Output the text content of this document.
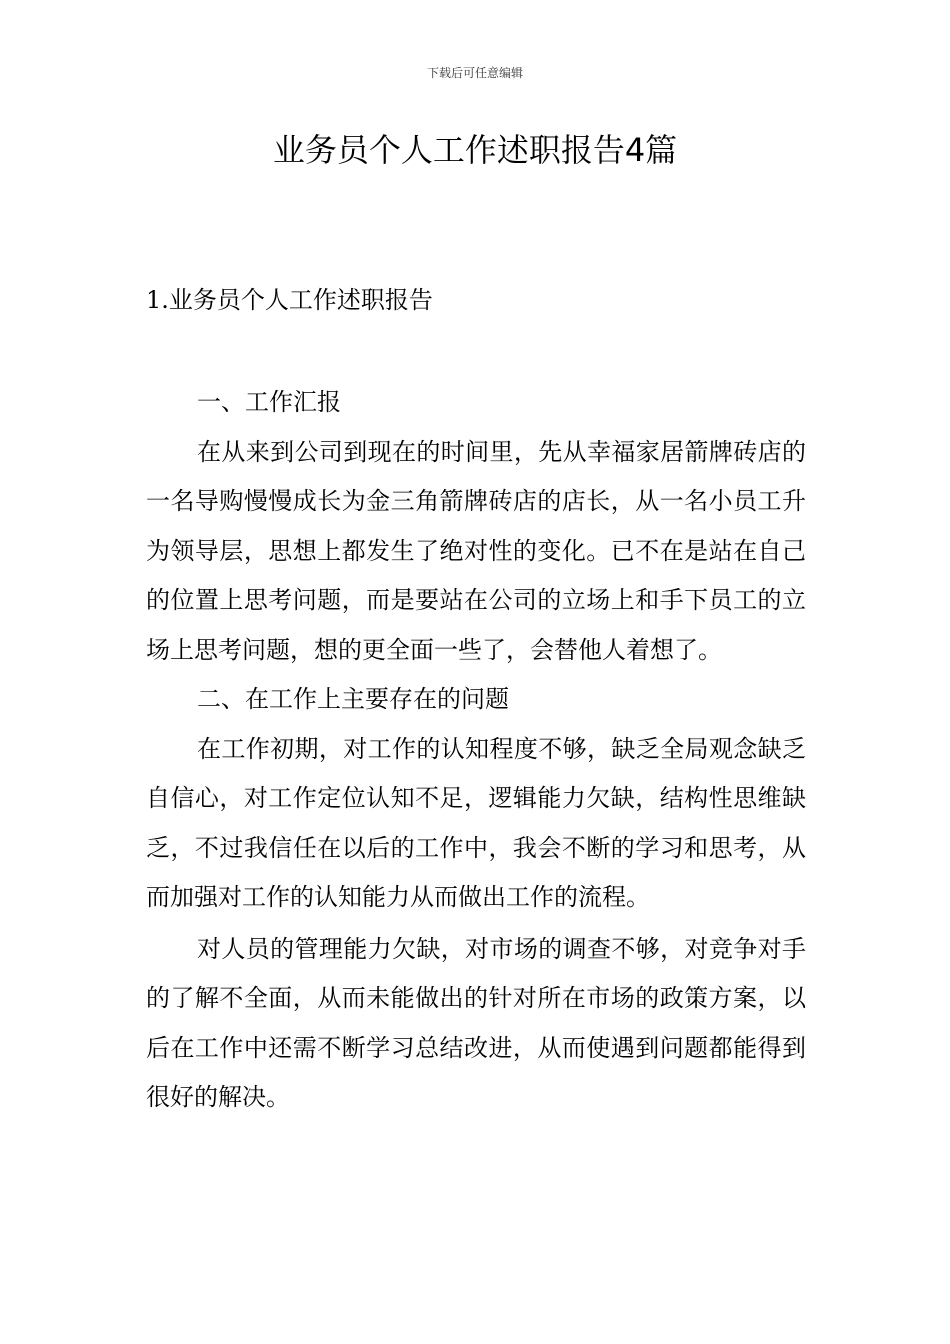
下载后可任意编辑
业务员个人工作述职报告4篇
1.业务员个人工作述职报告

一、工作汇报

在从来到公司到现在的时间里，先从幸福家居箭牌砖店的一名导购慢慢成长为金三角箭牌砖店的店长，从一名小员工升为领导层，思想上都发生了绝对性的变化。已不在是站在自己的位置上思考问题，而是要站在公司的立场上和手下员工的立场上思考问题，想的更全面一些了，会替他人着想了。

二、在工作上主要存在的问题

在工作初期，对工作的认知程度不够，缺乏全局观念缺乏自信心，对工作定位认知不足，逻辑能力欠缺，结构性思维缺乏，不过我信任在以后的工作中，我会不断的学习和思考，从而加强对工作的认知能力从而做出工作的流程。

对人员的管理能力欠缺，对市场的调查不够，对竞争对手的了解不全面，从而未能做出的针对所在市场的政策方案，以后在工作中还需不断学习总结改进，从而使遇到问题都能得到很好的解决。
